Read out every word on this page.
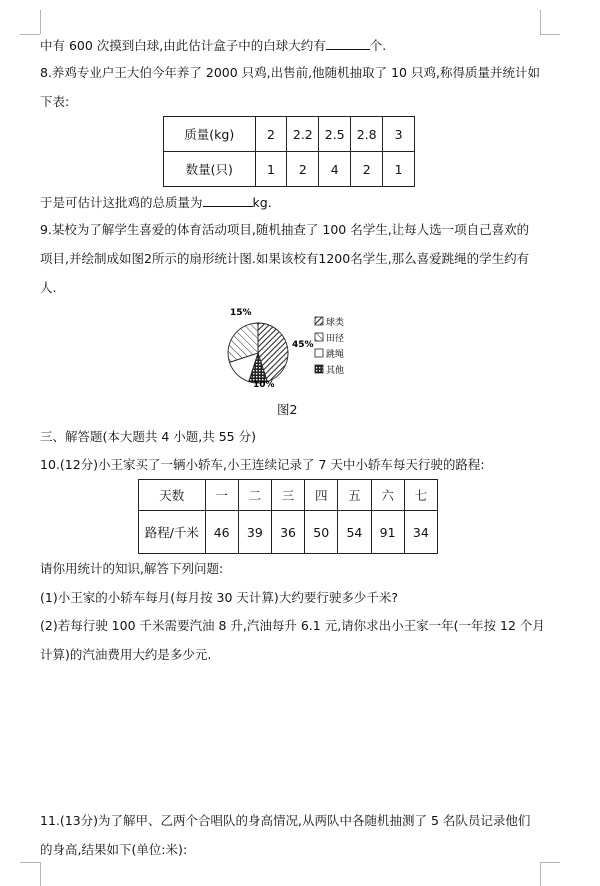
中有 600 次摸到白球,由此估计盒子中的白球大约有	个.
8.养鸡专业户王大伯今年养了 2000 只鸡,出售前,他随机抽取了 10 只鸡,称得质量并统计如
下表:
质量(kg)	2	2.2	2.5	2.8	3
数量(只)	1	2	4	2	1
于是可估计这批鸡的总质量为	kg.
9.某校为了解学生喜爱的体育活动项目,随机抽查了 100 名学生,让每人选一项自己喜欢的
项目,并绘制成如图2所示的扇形统计图.如果该校有1200名学生,那么喜爱跳绳的学生约有
人.
15%
45%
10%
球类
田径
跳绳
其他
图2
三、解答题(本大题共 4 小题,共 55 分)
10.(12分)小王家买了一辆小轿车,小王连续记录了 7 天中小轿车每天行驶的路程:
天数	一	二	三	四	五	六	七
路程/千米	46	39	36	50	54	91	34
请你用统计的知识,解答下列问题:
(1)小王家的小轿车每月(每月按 30 天计算)大约要行驶多少千米?
(2)若每行驶 100 千米需要汽油 8 升,汽油每升 6.1 元,请你求出小王家一年(一年按 12 个月
计算)的汽油费用大约是多少元.
11.(13分)为了解甲、乙两个合唱队的身高情况,从两队中各随机抽测了 5 名队员记录他们
的身高,结果如下(单位:米):
